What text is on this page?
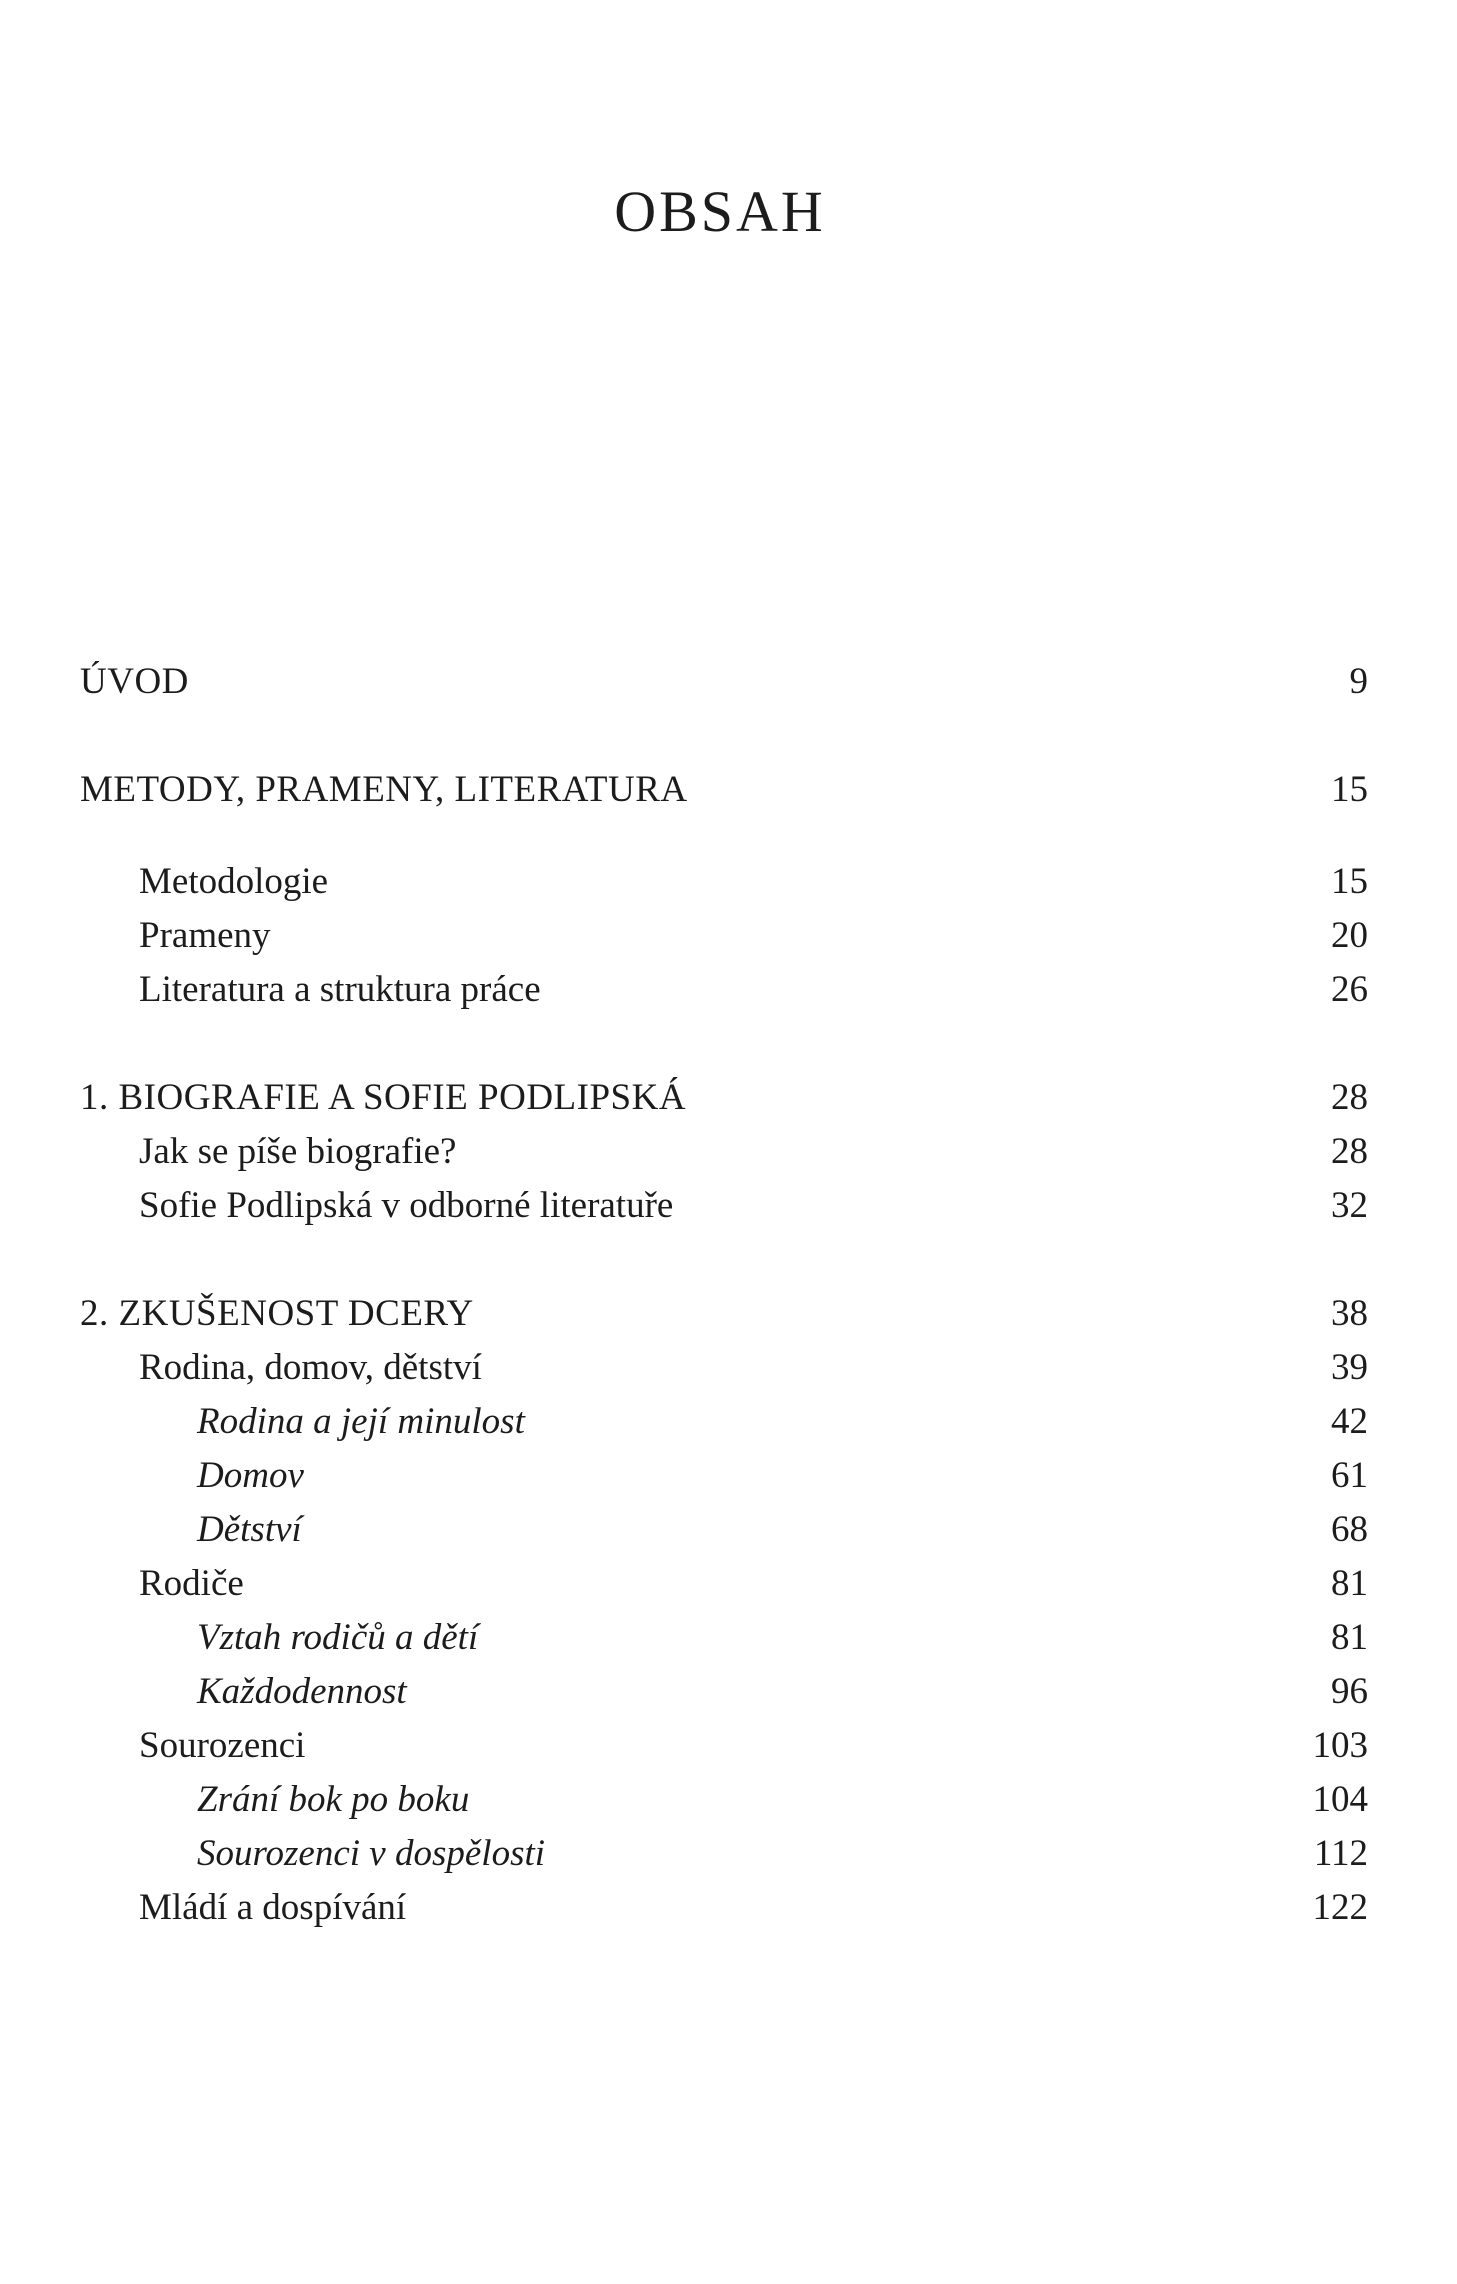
OBSAH
ÚVOD	9
METODY, PRAMENY, LITERATURA	15
Metodologie	15
Prameny	20
Literatura a struktura práce	26
1. BIOGRAFIE A SOFIE PODLIPSKÁ	28
Jak se píše biografie?	28
Sofie Podlipská v odborné literatuře	32
2. ZKUŠENOST DCERY	38
Rodina, domov, dětství	39
Rodina a její minulost	42
Domov	61
Dětství	68
Rodiče	81
Vztah rodičů a dětí	81
Každodennost	96
Sourozenci	103
Zrání bok po boku	104
Sourozenci v dospělosti	112
Mládí a dospívání	122
